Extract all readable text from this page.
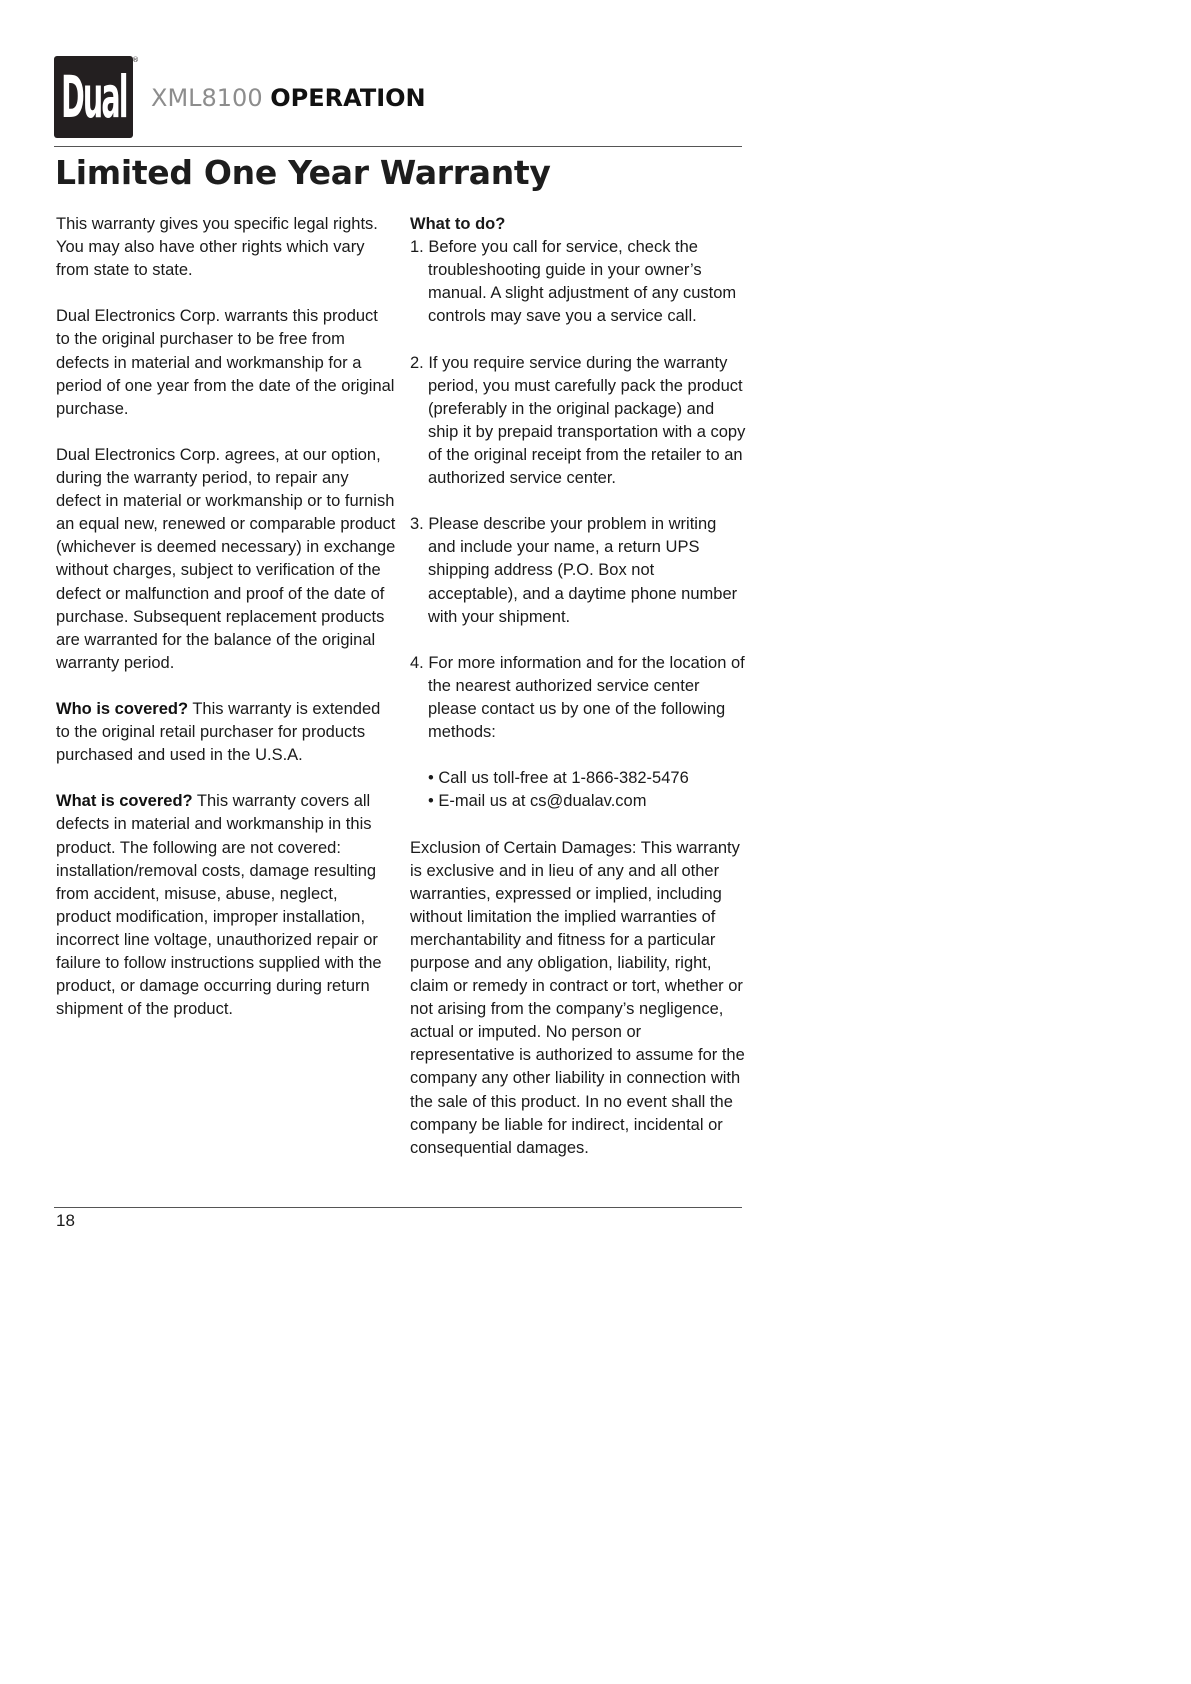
Dual
®
XML8100 OPERATION
Limited One Year Warranty

This warranty gives you specific legal rights. You may also have other rights which vary from state to state.

Dual Electronics Corp. warrants this product to the original purchaser to be free from defects in material and workmanship for a period of one year from the date of the original purchase.

Dual Electronics Corp. agrees, at our option, during the warranty period, to repair any defect in material or workmanship or to furnish an equal new, renewed or comparable product (whichever is deemed necessary) in exchange without charges, subject to verification of the defect or malfunction and proof of the date of purchase. Subsequent replacement products are warranted for the balance of the original warranty period.

Who is covered? This warranty is extended to the original retail purchaser for products purchased and used in the U.S.A.

What is covered? This warranty covers all defects in material and workmanship in this product. The following are not covered: installation/removal costs, damage resulting from accident, misuse, abuse, neglect, product modification, improper installation, incorrect line voltage, unauthorized repair or failure to follow instructions supplied with the product, or damage occurring during return shipment of the product.

What to do?
1. Before you call for service, check the troubleshooting guide in your owner’s manual. A slight adjustment of any custom controls may save you a service call.
2. If you require service during the warranty period, you must carefully pack the product (preferably in the original package) and ship it by prepaid transportation with a copy of the original receipt from the retailer to an authorized service center.
3. Please describe your problem in writing and include your name, a return UPS shipping address (P.O. Box not acceptable), and a daytime phone number with your shipment.
4. For more information and for the location of the nearest authorized service center please contact us by one of the following methods:
• Call us toll-free at 1-866-382-5476
• E-mail us at cs@dualav.com

Exclusion of Certain Damages: This warranty is exclusive and in lieu of any and all other warranties, expressed or implied, including without limitation the implied warranties of merchantability and fitness for a particular purpose and any obligation, liability, right, claim or remedy in contract or tort, whether or not arising from the company’s negligence, actual or imputed. No person or representative is authorized to assume for the company any other liability in connection with the sale of this product. In no event shall the company be liable for indirect, incidental or consequential damages.

18
